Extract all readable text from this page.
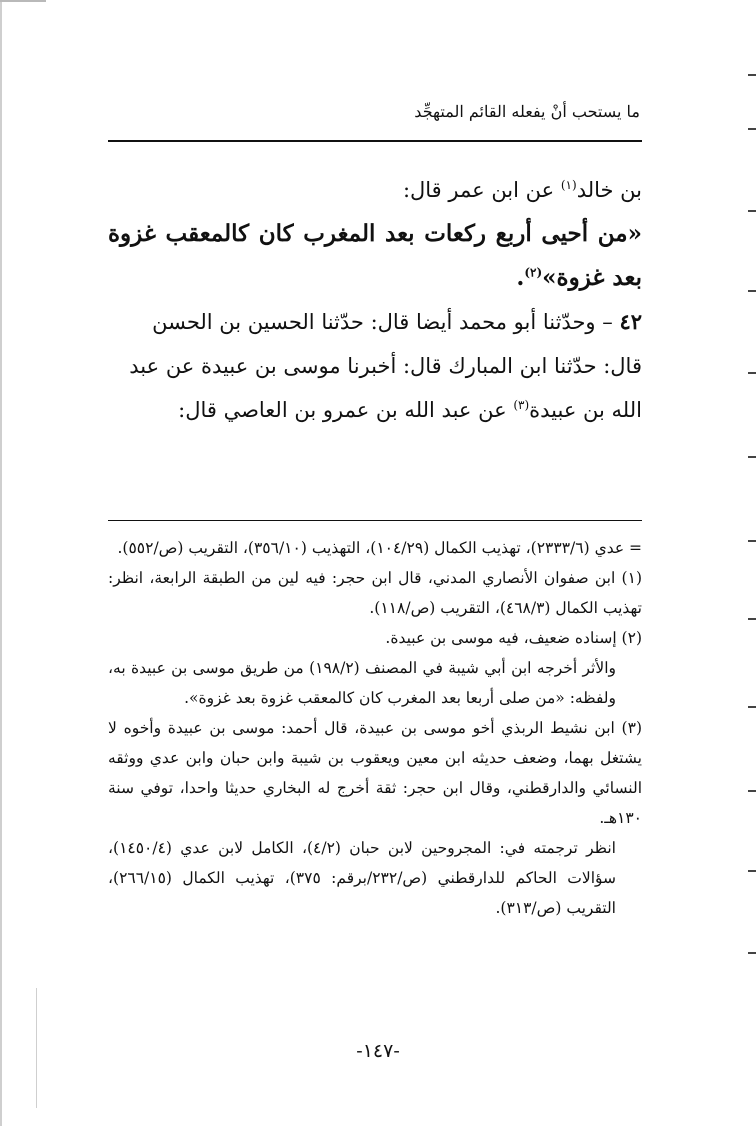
ما يستحب أنْ يفعله القائم المتهجِّد

بن خالد$^{(١)}$ عن ابن عمر قال:

«من أحيى أربع ركعات بعد المغرب كان كالمعقب غزوة بعد غزوة»$^{(٢)}$.

٤٢ – وحدّثنا أبو محمد أيضا قال: حدّثنا الحسين بن الحسن قال: حدّثنا ابن المبارك قال: أخبرنا موسى بن عبيدة عن عبد الله بن عبيدة$^{(٣)}$ عن عبد الله بن عمرو بن العاصي قال:

= عدي (٢٣٣٣/٦)، تهذيب الكمال (١٠٤/٢٩)، التهذيب (٣٥٦/١٠)، التقريب (ص/٥٥٢).

(١) ابن صفوان الأنصاري المدني، قال ابن حجر: فيه لين من الطبقة الرابعة، انظر: تهذيب الكمال (٤٦٨/٣)، التقريب (ص/١١٨).

(٢) إسناده ضعيف، فيه موسى بن عبيدة.

والأثر أخرجه ابن أبي شيبة في المصنف (١٩٨/٢) من طريق موسى بن عبيدة به، ولفظه: «من صلى أربعا بعد المغرب كان كالمعقب غزوة بعد غزوة».

(٣) ابن نشيط الربذي أخو موسى بن عبيدة، قال أحمد: موسى بن عبيدة وأخوه لا يشتغل بهما، وضعف حديثه ابن معين ويعقوب بن شيبة وابن حبان وابن عدي ووثقه النسائي والدارقطني، وقال ابن حجر: ثقة أخرج له البخاري حديثا واحدا، توفي سنة ١٣٠هـ.

انظر ترجمته في: المجروحين لابن حبان (٤/٢)، الكامل لابن عدي (١٤٥٠/٤)، سؤالات الحاكم للدارقطني (ص/٢٣٢/برقم: ٣٧٥)، تهذيب الكمال (٢٦٦/١٥)، التقريب (ص/٣١٣).

-١٤٧-
